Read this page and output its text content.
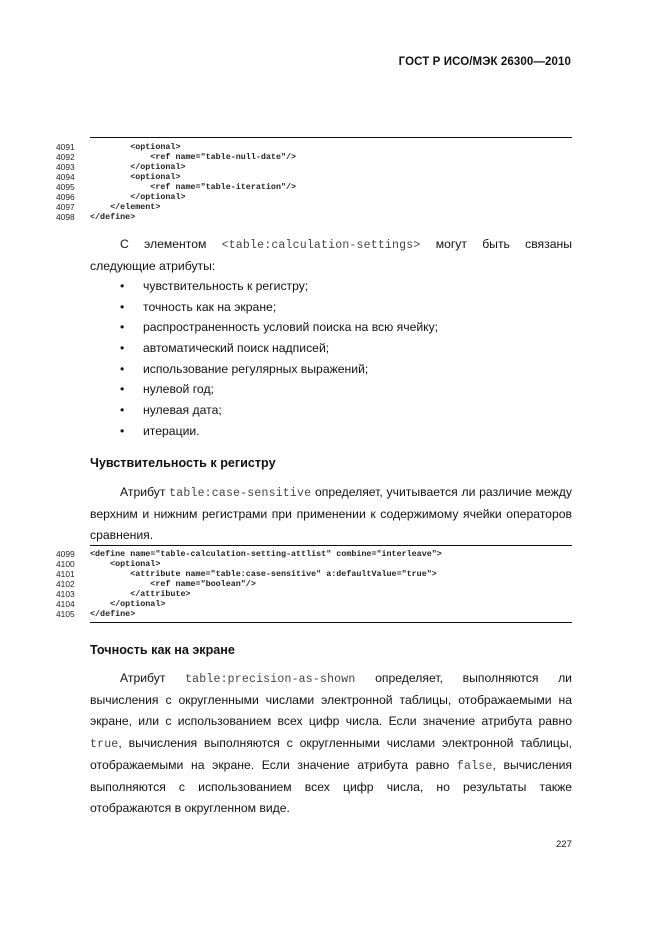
ГОСТ Р ИСО/МЭК 26300—2010
4091	<optional>
4092	<ref name="table-null-date"/>
4093	</optional>
4094	<optional>
4095	<ref name="table-iteration"/>
4096	</optional>
4097	</element>
4098	</define>

С элементом <table:calculation-settings> могут быть связаны следующие атрибуты:

• чувствительность к регистру;
• точность как на экране;
• распространенность условий поиска на всю ячейку;
• автоматический поиск надписей;
• использование регулярных выражений;
• нулевой год;
• нулевая дата;
• итерации.
Чувствительность к регистру

Атрибут table:case-sensitive определяет, учитывается ли различие между верхним и нижним регистрами при применении к содержимому ячейки операторов сравнения.

4099	<define name="table-calculation-setting-attlist" combine="interleave">
4100	<optional>
4101	<attribute name="table:case-sensitive" a:defaultValue="true">
4102	<ref name="boolean"/>
4103	</attribute>
4104	</optional>
4105	</define>
Точность как на экране

Атрибут table:precision-as-shown определяет, выполняются ли вычисления с округленными числами электронной таблицы, отображаемыми на экране, или с использованием всех цифр числа. Если значение атрибута равно true, вычисления выполняются с округленными числами электронной таблицы, отображаемыми на экране. Если значение атрибута равно false, вычисления выполняются с использованием всех цифр числа, но результаты также отображаются в округленном виде.

227
